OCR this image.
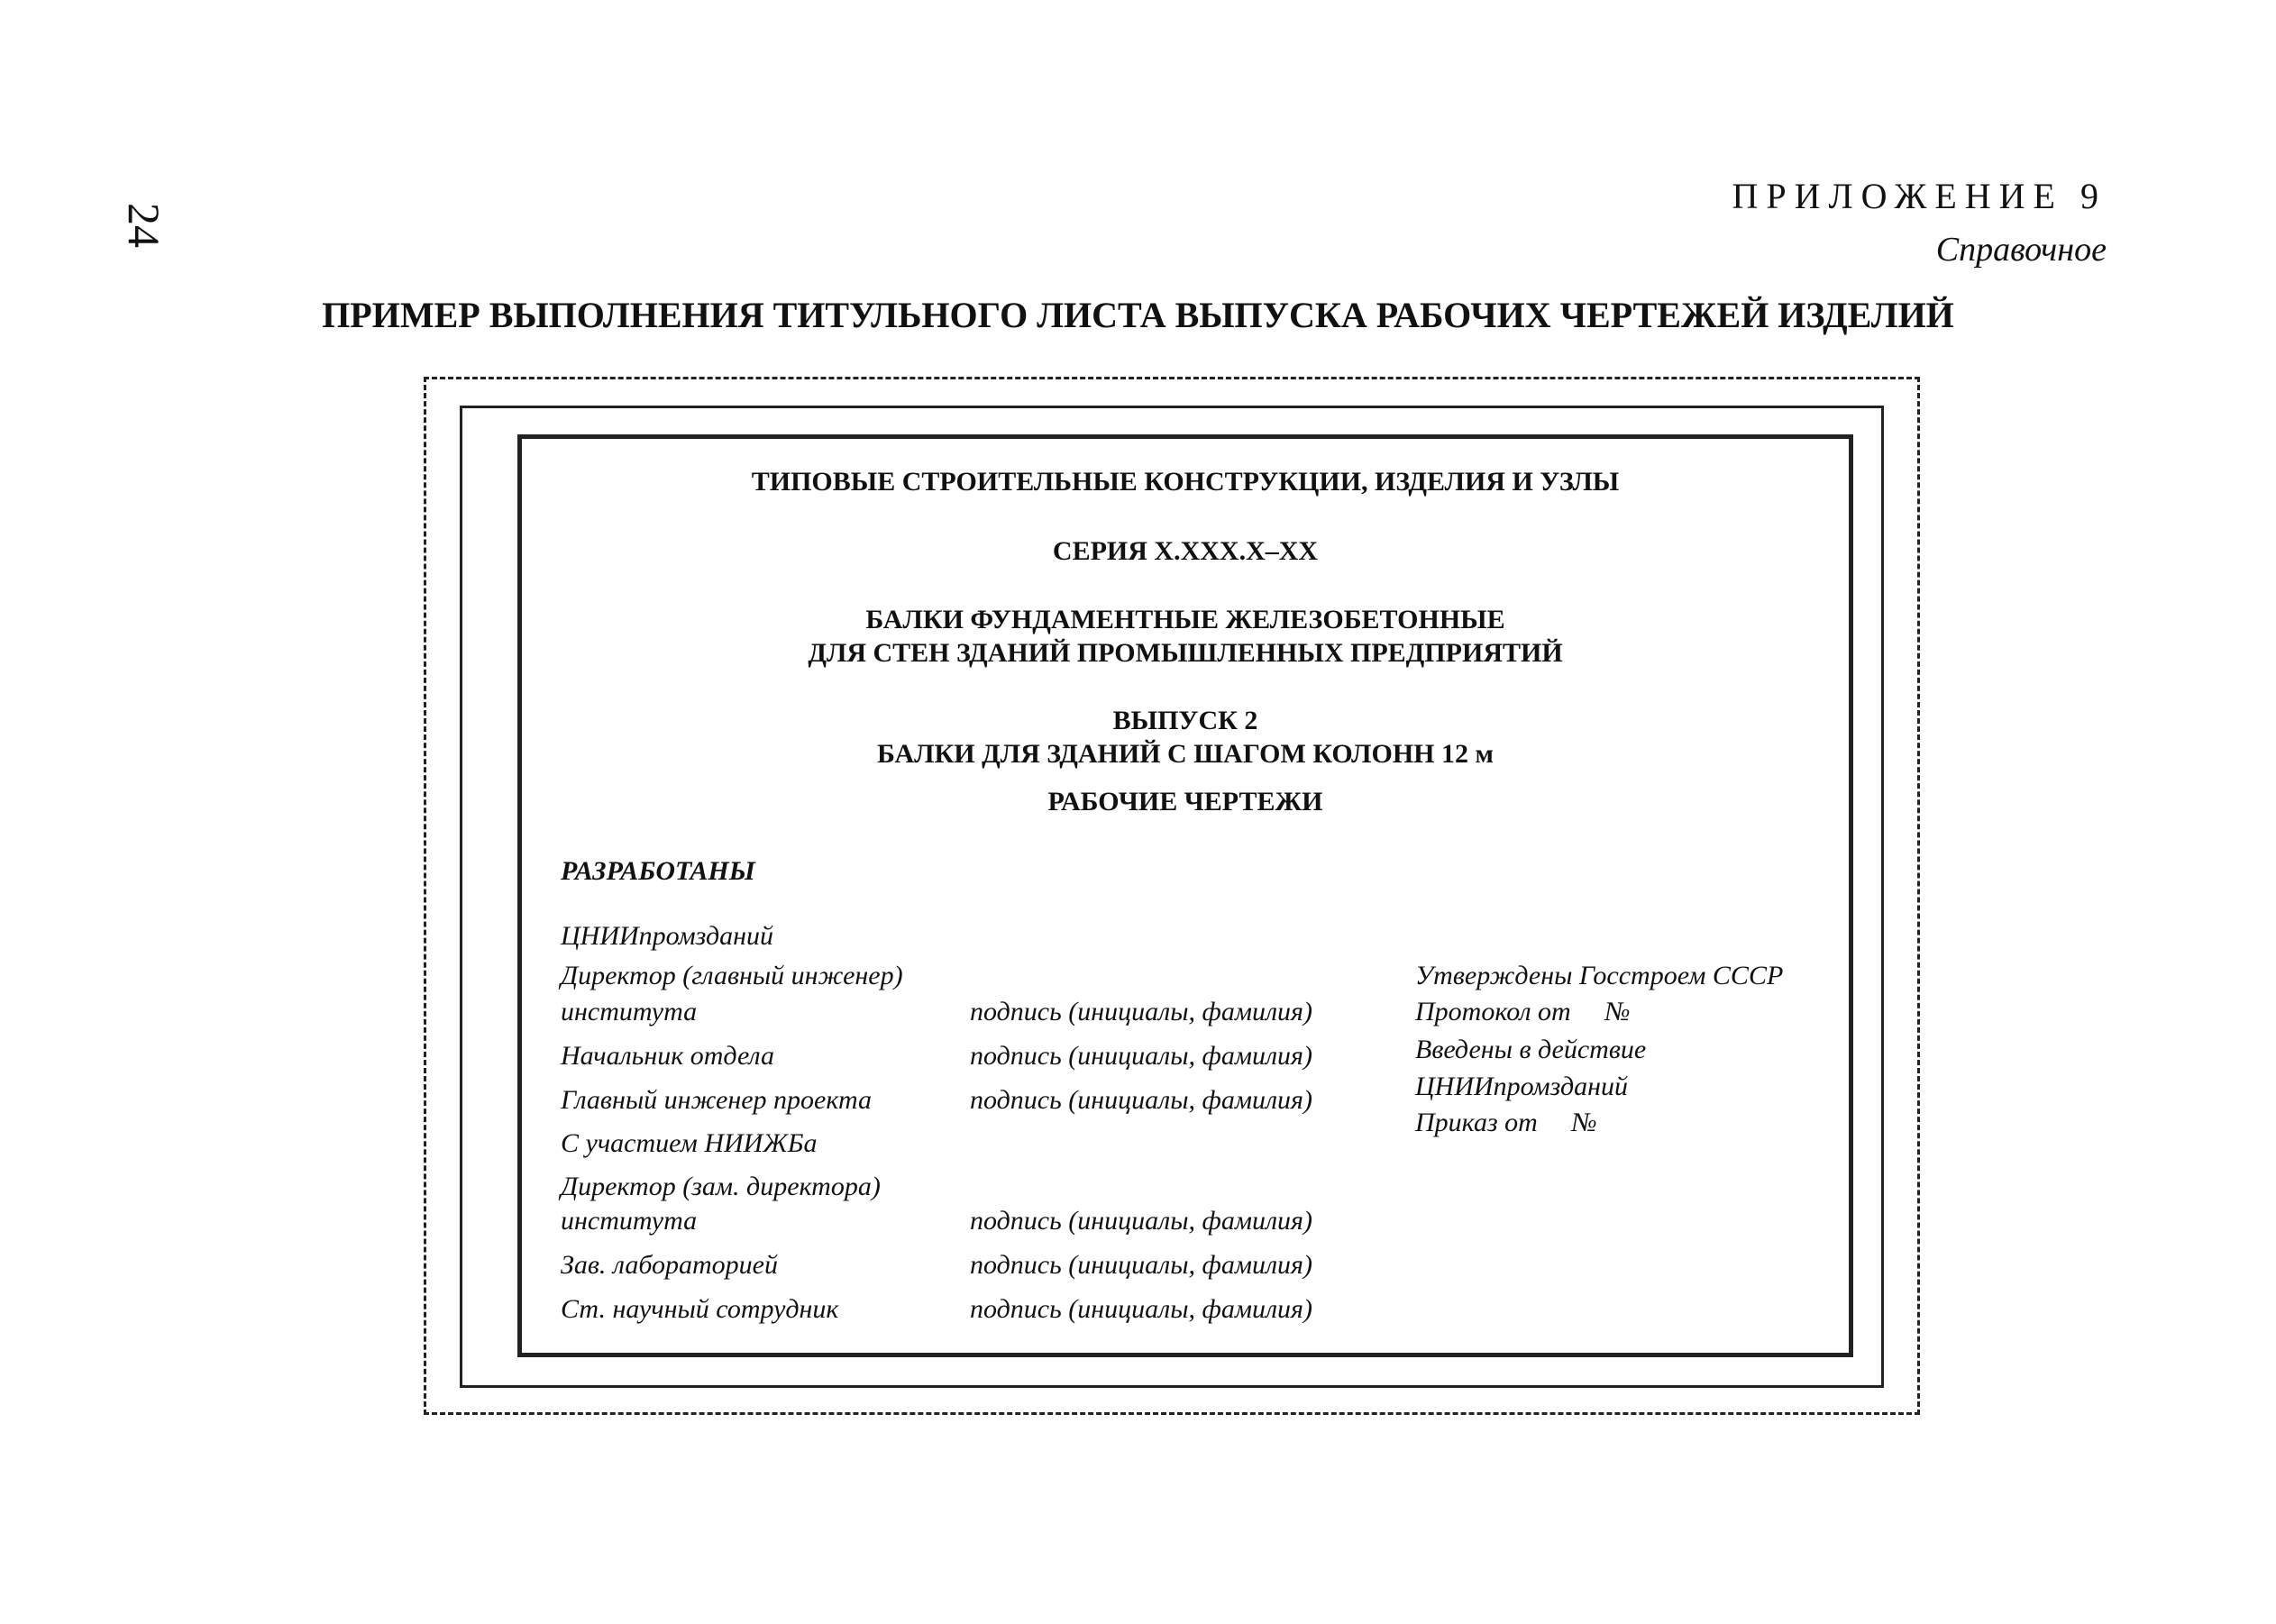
24
ПРИЛОЖЕНИЕ 9
Справочное
ПРИМЕР ВЫПОЛНЕНИЯ ТИТУЛЬНОГО ЛИСТА ВЫПУСКА РАБОЧИХ ЧЕРТЕЖЕЙ ИЗДЕЛИЙ
ТИПОВЫЕ СТРОИТЕЛЬНЫЕ КОНСТРУКЦИИ, ИЗДЕЛИЯ И УЗЛЫ
СЕРИЯ Х.ХХХ.Х–ХХ
БАЛКИ ФУНДАМЕНТНЫЕ ЖЕЛЕЗОБЕТОННЫЕ
ДЛЯ СТЕН ЗДАНИЙ ПРОМЫШЛЕННЫХ ПРЕДПРИЯТИЙ
ВЫПУСК 2
БАЛКИ ДЛЯ ЗДАНИЙ С ШАГОМ КОЛОНН 12 м
РАБОЧИЕ ЧЕРТЕЖИ
РАЗРАБОТАНЫ
ЦНИИпромзданий
Директор (главный инженер)
института	подпись (инициалы, фамилия)
Начальник отдела	подпись (инициалы, фамилия)
Главный инженер проекта	подпись (инициалы, фамилия)
С участием НИИЖБа
Директор (зам. директора)
института	подпись (инициалы, фамилия)
Зав. лабораторией	подпись (инициалы, фамилия)
Ст. научный сотрудник	подпись (инициалы, фамилия)
Утверждены Госстроем СССР
Протокол от     №
Введены в действие
ЦНИИпромзданий
Приказ от     №
